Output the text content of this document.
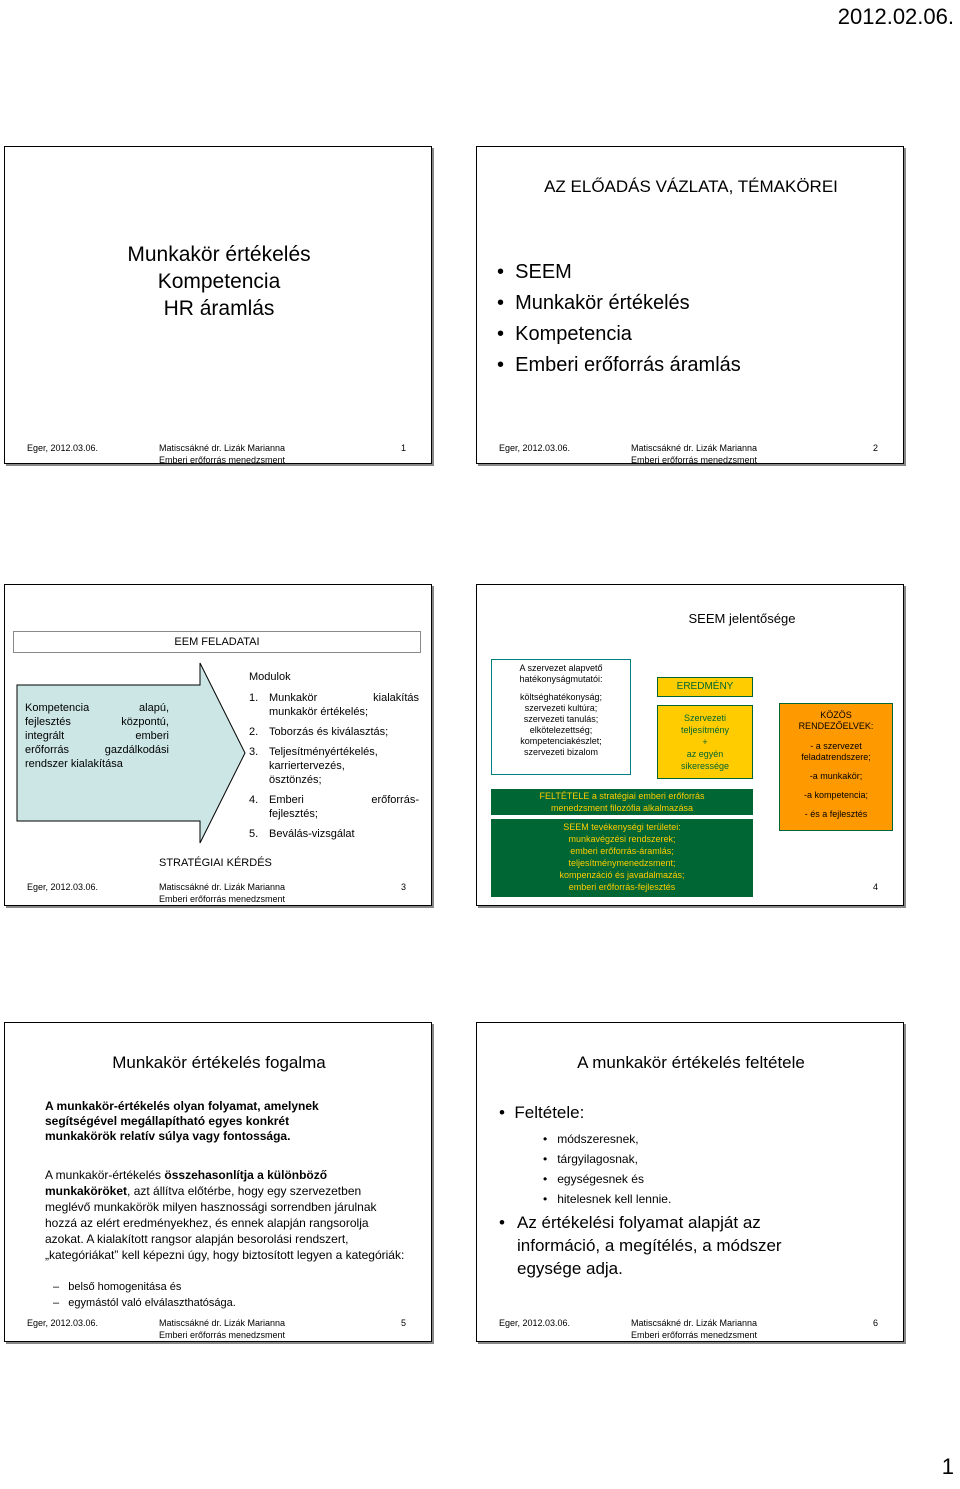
2012.02.06.
Munkakör értékelés
Kompetencia
HR áramlás
Eger, 2012.03.06.	Matiscsákné dr. Lizák Marianna
Emberi erőforrás menedzsment
1
AZ ELŐADÁS VÁZLATA, TÉMAKÖREI
• SEEM
• Munkakör értékelés
• Kompetencia
• Emberi erőforrás áramlás
Eger, 2012.03.06.	Matiscsákné dr. Lizák Marianna
Emberi erőforrás menedzsment
2
EEM FELADATAI
Kompetencia alapú,
fejlesztés központú,
integrált emberi
erőforrás gazdálkodási
rendszer kialakítása
Modulok
1. Munkakör kialakítás
munkakör értékelés;
2. Toborzás és kiválasztás;
3. Teljesítményértékelés,
karriertervezés,
ösztönzés;
4. Emberi erőforrás-
fejlesztés;
5. Beválás-vizsgálat
STRATÉGIAI KÉRDÉS
Eger, 2012.03.06.	Matiscsákné dr. Lizák Marianna
Emberi erőforrás menedzsment
3
SEEM jelentősége
A szervezet alapvető
hatékonyságmutatói:
költséghatékonyság;
szervezeti kultúra;
szervezeti tanulás;
elkötelezettség;
kompetenciakészlet;
szervezeti bizalom
EREDMÉNY
Szervezeti
teljesítmény
+
az egyén
sikeressége
KÖZÖS
RENDEZŐELVEK:
- a szervezet
feladatrendszere;
-a munkakör;
-a kompetencia;
- és a fejlesztés
FELTÉTELE a stratégiai emberi erőforrás
menedzsment filozófia alkalmazása
SEEM tevékenységi területei:
munkavégzési rendszerek;
emberi erőforrás-áramlás;
teljesítménymenedzsment;
kompenzáció és javadalmazás;
emberi erőforrás-fejlesztés	4
Munkakör értékelés fogalma
A munkakör-értékelés olyan folyamat, amelynek
segítségével megállapítható egyes konkrét
munkakörök relatív súlya vagy fontossága.
A munkakör-értékelés összehasonlítja a különböző munkaköröket, azt állítva előtérbe, hogy egy szervezetben meglévő munkakörök milyen hasznossági sorrendben járulnak hozzá az elért eredményekhez, és ennek alapján rangsorolja azokat. A kialakított rangsor alapján besorolási rendszert, „kategóriákat” kell képezni úgy, hogy biztosított legyen a kategóriák:
–   belső homogenitása és
–   egymástól való elválaszthatósága.
Eger, 2012.03.06.	Matiscsákné dr. Lizák Marianna
Emberi erőforrás menedzsment
5
A munkakör értékelés feltétele
• Feltétele:
• módszeresnek,
• tárgyilagosnak,
• egységesnek és
• hitelesnek kell lennie.
• Az értékelési folyamat alapját az
információ, a megítélés, a módszer
egysége adja.
Eger, 2012.03.06.	Matiscsákné dr. Lizák Marianna
Emberi erőforrás menedzsment
6
1
